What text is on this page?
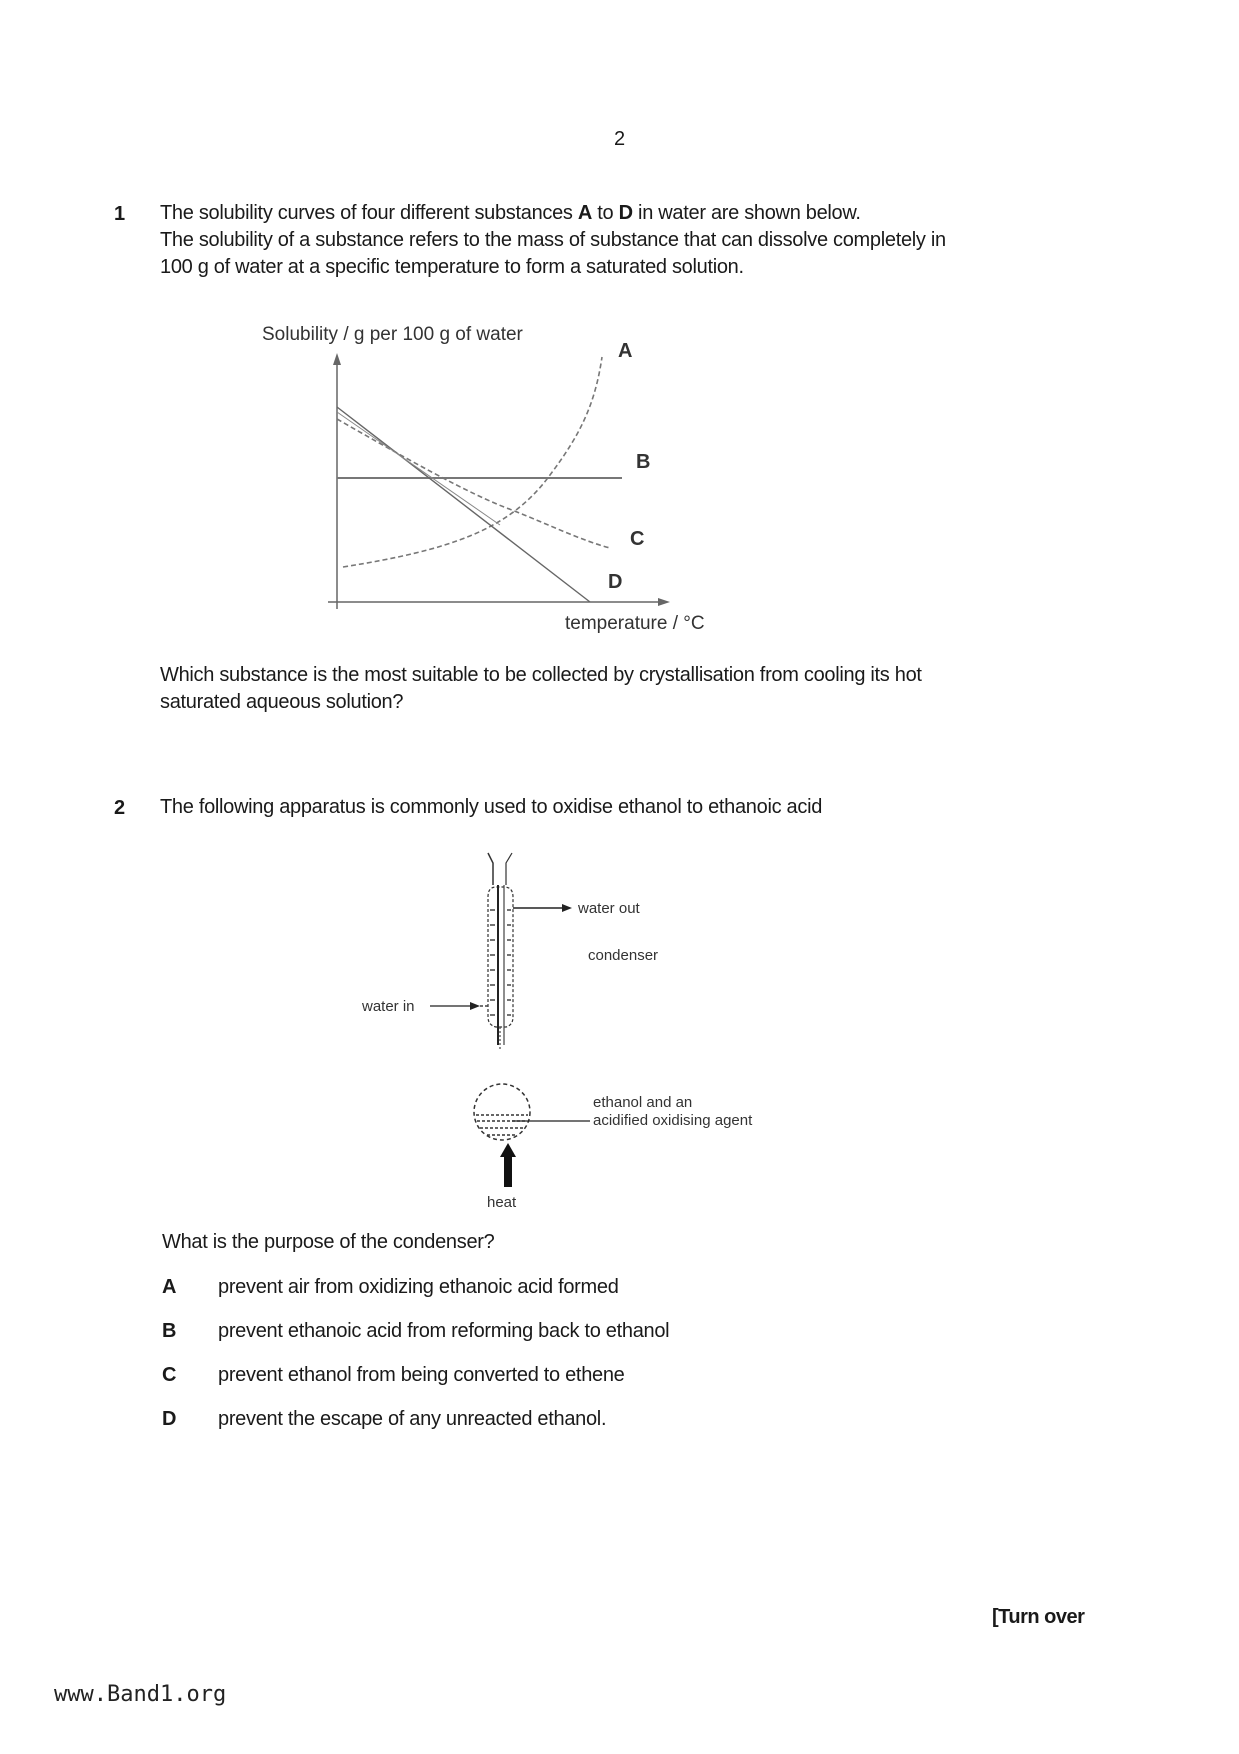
2
1 The solubility curves of four different substances A to D in water are shown below.
The solubility of a substance refers to the mass of substance that can dissolve completely in
100 g of water at a specific temperature to form a saturated solution.
Solubility / g per 100 g of water
A
B
C
D
temperature / °C
Which substance is the most suitable to be collected by crystallisation from cooling its hot
saturated aqueous solution?
2 The following apparatus is commonly used to oxidise ethanol to ethanoic acid
water out
condenser
water in
ethanol and an
acidified oxidising agent
heat
What is the purpose of the condenser?
A prevent air from oxidizing ethanoic acid formed
B prevent ethanoic acid from reforming back to ethanol
C prevent ethanol from being converted to ethene
D prevent the escape of any unreacted ethanol.
[Turn over
www.Band1.org
